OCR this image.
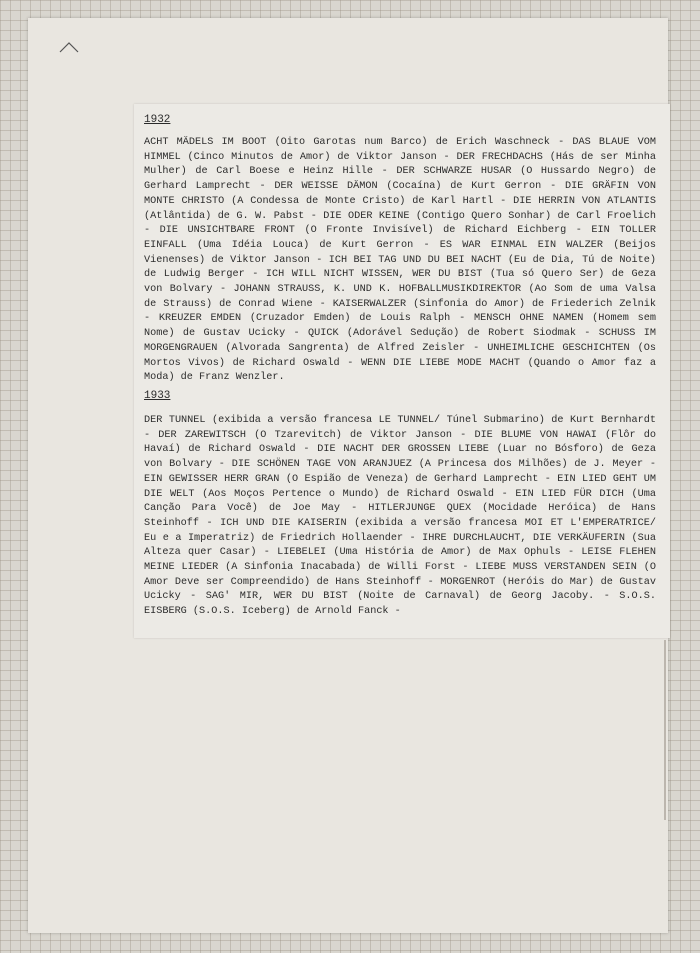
1932
ACHT MÄDELS IM BOOT (Oito Garotas num Barco) de Erich Waschneck - DAS BLAUE VOM HIMMEL (Cinco Minutos de Amor) de Viktor Janson - DER FRECHDACHS (Hás de ser Minha Mulher) de Carl Boese e Heinz Hille - DER SCHWARZE HUSAR (O Hussardo Negro) de Gerhard Lamprecht - DER WEISSE DÄMON (Cocaína) de Kurt Gerron - DIE GRÄFIN VON MONTE CHRISTO (A Condessa de Monte Cristo) de Karl Hartl - DIE HERRIN VON ATLANTIS (Atlântida) de G. W. Pabst - DIE ODER KEINE (Contigo Quero Sonhar) de Carl Froelich - DIE UNSICHTBARE FRONT (O Fronte Invisível) de Richard Eichberg - EIN TOLLER EINFALL (Uma Idéia Louca) de Kurt Gerron - ES WAR EINMAL EIN WALZER (Beijos Vienenses) de Viktor Janson - ICH BEI TAG UND DU BEI NACHT (Eu de Dia, Tú de Noite) de Ludwig Berger - ICH WILL NICHT WISSEN, WER DU BIST (Tua só Quero Ser) de Geza von Bolvary - JOHANN STRAUSS, K. UND K. HOFBALLMUSIKDIREKTOR (Ao Som de uma Valsa de Strauss) de Conrad Wiene - KAISERWALZER (Sinfonia do Amor) de Friederich Zelnik - KREUZER EMDEN (Cruzador Emden) de Louis Ralph - MENSCH OHNE NAMEN (Homem sem Nome) de Gustav Ucicky - QUICK (Adorável Sedução) de Robert Siodmak - SCHUSS IM MORGENGRAUEN (Alvorada Sangrenta) de Alfred Zeisler - UNHEIMLICHE GESCHICHTEN (Os Mortos Vivos) de Richard Oswald - WENN DIE LIEBE MODE MACHT (Quando o Amor faz a Moda) de Franz Wenzler.
1933
DER TUNNEL (exibida a versão francesa LE TUNNEL/ Túnel Submarino) de Kurt Bernhardt - DER ZAREWITSCH (O Tzarevitch) de Viktor Janson - DIE BLUME VON HAWAI (Flôr do Havaí) de Richard Oswald - DIE NACHT DER GROSSEN LIEBE (Luar no Bósforo) de Geza von Bolvary - DIE SCHÖNEN TAGE VON ARANJUEZ (A Princesa dos Milhões) de J. Meyer - EIN GEWISSER HERR GRAN (O Espião de Veneza) de Gerhard Lamprecht - EIN LIED GEHT UM DIE WELT (Aos Moços Pertence o Mundo) de Richard Oswald - EIN LIED FÜR DICH (Uma Canção Para Você) de Joe May - HITLERJUNGE QUEX (Mocidade Heróica) de Hans Steinhoff - ICH UND DIE KAISERIN (exibida a versão francesa MOI ET L'EMPERATRICE/ Eu e a Imperatriz) de Friedrich Hollaender - IHRE DURCHLAUCHT, DIE VERKÄUFERIN (Sua Alteza quer Casar) - LIEBELEI (Uma História de Amor) de Max Ophuls - LEISE FLEHEN MEINE LIEDER (A Sinfonia Inacabada) de Willi Forst - LIEBE MUSS VERSTANDEN SEIN (O Amor Deve ser Compreendido) de Hans Steinhoff - MORGENROT (Heróis do Mar) de Gustav Ucicky - SAG' MIR, WER DU BIST (Noite de Carnaval) de Georg Jacoby. - S.O.S. EISBERG (S.O.S. Iceberg) de Arnold Fanck -
